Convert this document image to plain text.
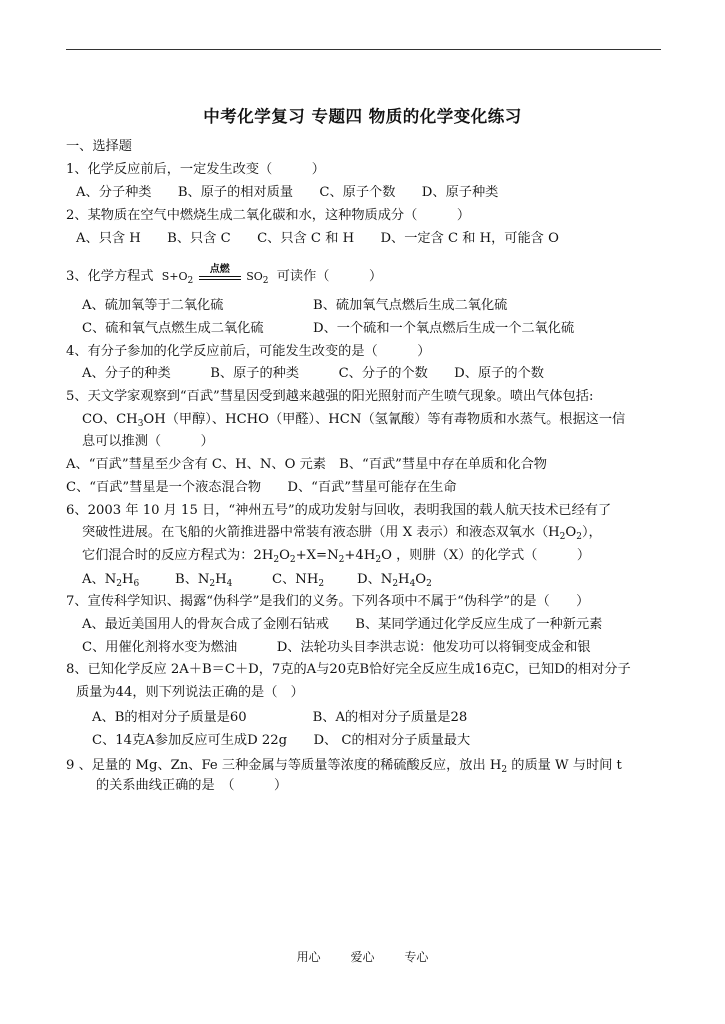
中考化学复习 专题四 物质的化学变化练习
一、选择题
1、化学反应前后，一定发生改变（　　　）
A、分子种类　　B、原子的相对质量　　C、原子个数　　D、原子种类
2、某物质在空气中燃烧生成二氧化碳和水，这种物质成分（　　　）
A、只含 H　　B、只含 C　　C、只含 C 和 H　　D、一定含 C 和 H，可能含 O
3、化学方程式 $S+O_2$
点燃
$SO_2$ 可读作（　　　）
A、硫加氧等于二氧化硫	B、硫加氧气点燃后生成二氧化硫
C、硫和氧气点燃生成二氧化硫	D、一个硫和一个氧点燃后生成一个二氧化硫
4、有分子参加的化学反应前后，可能发生改变的是（　　　）
A、分子的种类　　　B、原子的种类　　　C、分子的个数　　D、原子的个数
5、天文学家观察到“百武”彗星因受到越来越强的阳光照射而产生喷气现象。喷出气体包括:
CO、$CH_3OH$（甲醇）、HCHO（甲醛）、HCN（氢氰酸）等有毒物质和水蒸气。根据这一信
息可以推测（　　　）
A、“百武”彗星至少含有 C、H、N、O 元素　B、“百武”彗星中存在单质和化合物
C、“百武”彗星是一个液态混合物　　D、“百武”彗星可能存在生命
6、2003 年 10 月 15 日，“神州五号”的成功发射与回收，表明我国的载人航天技术已经有了
突破性进展。在飞船的火箭推进器中常装有液态肼（用 X 表示）和液态双氧水$(H_2O_2)$，
它们混合时的反应方程式为：$2H_2O_2+X=N_2+4H_2O$ ，则肼（X）的化学式（　　　）
A、$N_2H_6$	B、$N_2H_4$	C、$NH_2$ D、$N_2H_4O_2$
7、宣传科学知识、揭露“伪科学”是我们的义务。下列各项中不属于“伪科学”的是（　　）
A、最近美国用人的骨灰合成了金刚石钻戒　　B、某同学通过化学反应生成了一种新元素
C、用催化剂将水变为燃油　　　D、法轮功头目李洪志说：他发功可以将铜变成金和银
8、已知化学反应 2A＋B＝C＋D，7克的A与20克B恰好完全反应生成16克C，已知D的相对分子
质量为44，则下列说法正确的是（　）
A、B的相对分子质量是60　　　　　B、A的相对分子质量是28
C、14克A参加反应可生成D 22g　　D、 C的相对分子质量最大
9 、足量的 Mg、Zn、Fe 三种金属与等质量等浓度的稀硫酸反应，放出 $H_2$ 的质量 W 与时间 t
的关系曲线正确的是　（　　　）
用心 爱心 专心
